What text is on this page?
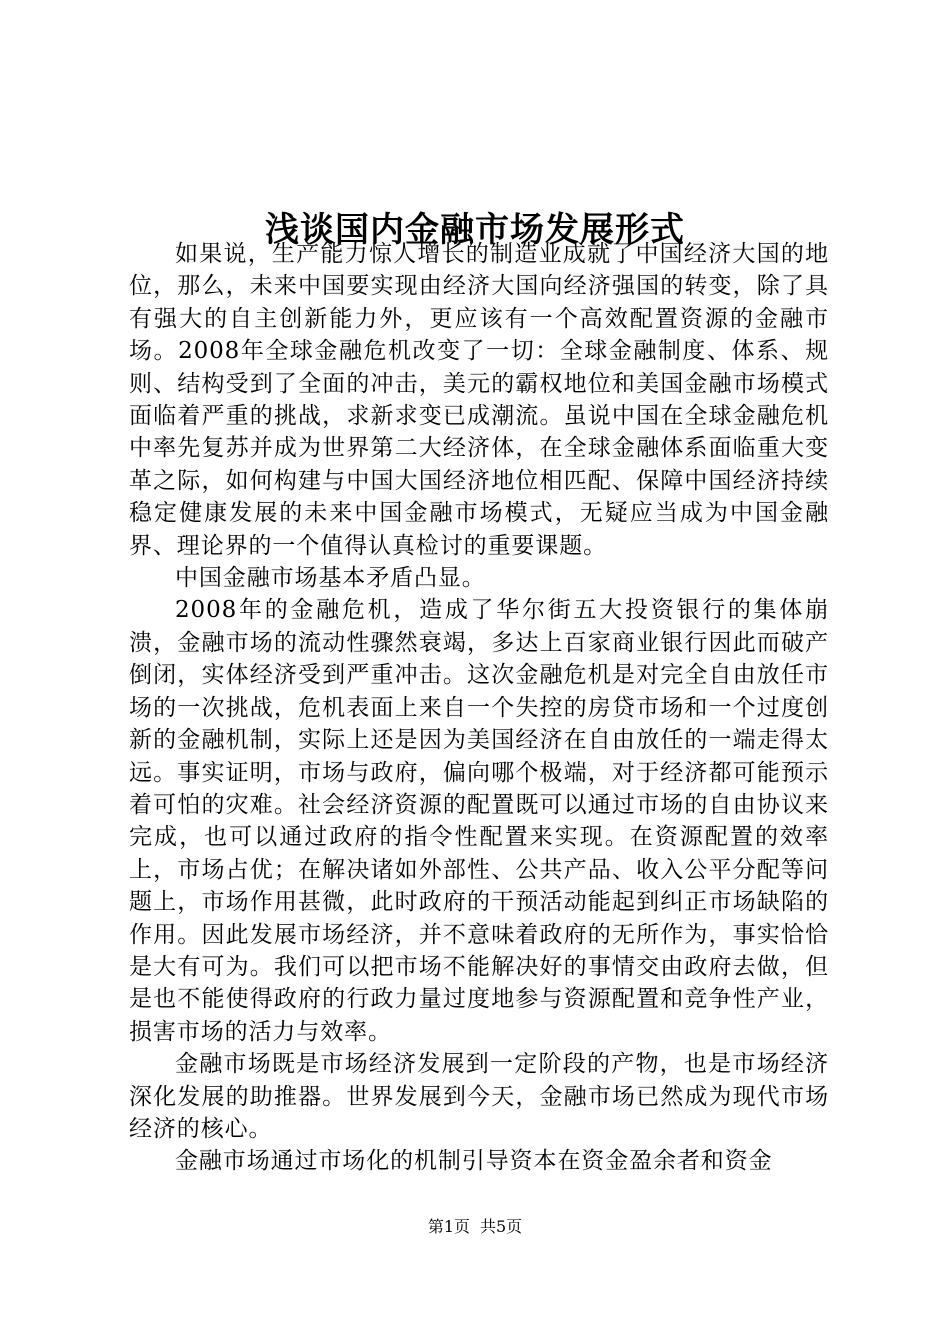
浅谈国内金融市场发展形式

如果说，生产能力惊人增长的制造业成就了中国经济大国的地位，那么，未来中国要实现由经济大国向经济强国的转变，除了具有强大的自主创新能力外，更应该有一个高效配置资源的金融市场。2008年全球金融危机改变了一切：全球金融制度、体系、规则、结构受到了全面的冲击，美元的霸权地位和美国金融市场模式面临着严重的挑战，求新求变已成潮流。虽说中国在全球金融危机中率先复苏并成为世界第二大经济体，在全球金融体系面临重大变革之际，如何构建与中国大国经济地位相匹配、保障中国经济持续稳定健康发展的未来中国金融市场模式，无疑应当成为中国金融界、理论界的一个值得认真检讨的重要课题。

中国金融市场基本矛盾凸显。

2008年的金融危机，造成了华尔街五大投资银行的集体崩溃，金融市场的流动性骤然衰竭，多达上百家商业银行因此而破产倒闭，实体经济受到严重冲击。这次金融危机是对完全自由放任市场的一次挑战，危机表面上来自一个失控的房贷市场和一个过度创新的金融机制，实际上还是因为美国经济在自由放任的一端走得太远。事实证明，市场与政府，偏向哪个极端，对于经济都可能预示着可怕的灾难。社会经济资源的配置既可以通过市场的自由协议来完成，也可以通过政府的指令性配置来实现。在资源配置的效率上，市场占优；在解决诸如外部性、公共产品、收入公平分配等问题上，市场作用甚微，此时政府的干预活动能起到纠正市场缺陷的作用。因此发展市场经济，并不意味着政府的无所作为，事实恰恰是大有可为。我们可以把市场不能解决好的事情交由政府去做，但是也不能使得政府的行政力量过度地参与资源配置和竞争性产业，损害市场的活力与效率。

金融市场既是市场经济发展到一定阶段的产物，也是市场经济深化发展的助推器。世界发展到今天，金融市场已然成为现代市场经济的核心。

金融市场通过市场化的机制引导资本在资金盈余者和资金

第1页 共5页
